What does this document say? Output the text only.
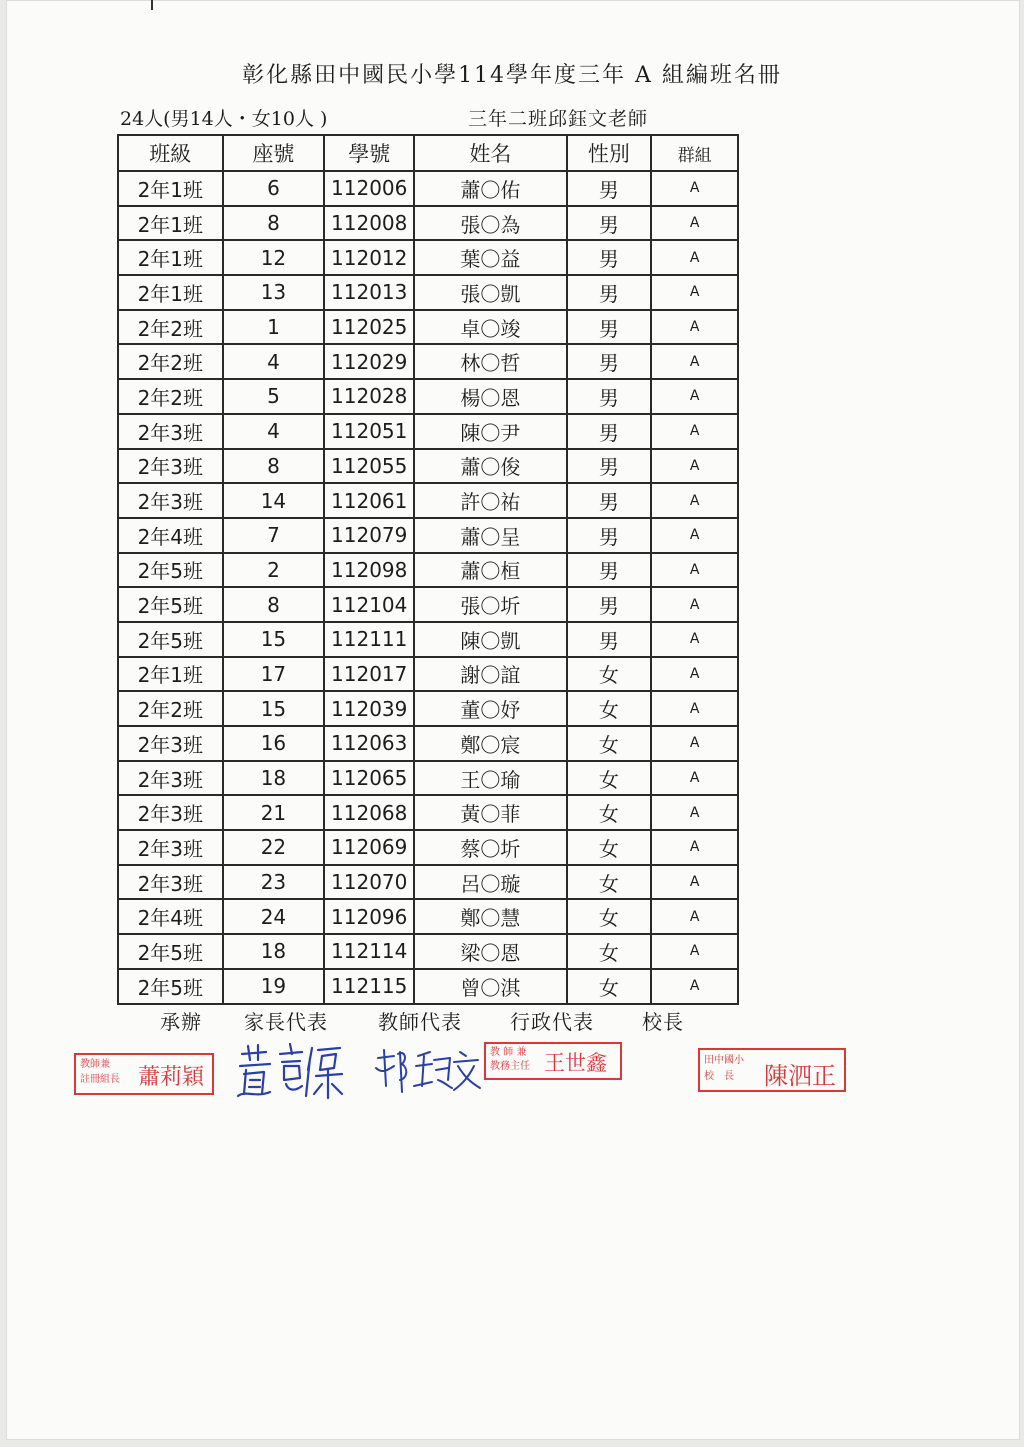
彰化縣田中國民小學114學年度三年 A 組編班名冊
24人(男14人・女10人 )	三年二班邱鈺文老師
班級	座號	學號	姓名	性別	群組
2年1班	6	112006	蕭〇佑	男	A
2年1班	8	112008	張〇為	男	A
2年1班	12	112012	葉〇益	男	A
2年1班	13	112013	張〇凱	男	A
2年2班	1	112025	卓〇竣	男	A
2年2班	4	112029	林〇哲	男	A
2年2班	5	112028	楊〇恩	男	A
2年3班	4	112051	陳〇尹	男	A
2年3班	8	112055	蕭〇俊	男	A
2年3班	14	112061	許〇祐	男	A
2年4班	7	112079	蕭〇呈	男	A
2年5班	2	112098	蕭〇桓	男	A
2年5班	8	112104	張〇圻	男	A
2年5班	15	112111	陳〇凱	男	A
2年1班	17	112017	謝〇誼	女	A
2年2班	15	112039	董〇妤	女	A
2年3班	16	112063	鄭〇宸	女	A
2年3班	18	112065	王〇瑜	女	A
2年3班	21	112068	黃〇菲	女	A
2年3班	22	112069	蔡〇圻	女	A
2年3班	23	112070	呂〇璇	女	A
2年4班	24	112096	鄭〇慧	女	A
2年5班	18	112114	梁〇恩	女	A
2年5班	19	112115	曾〇淇	女	A
承辦 家長代表	教師代表 行政代表 校長
教師兼
註冊組長 蕭莉穎
教 師 兼
教務主任 王世鑫	田中國小
校　長 陳泗正
